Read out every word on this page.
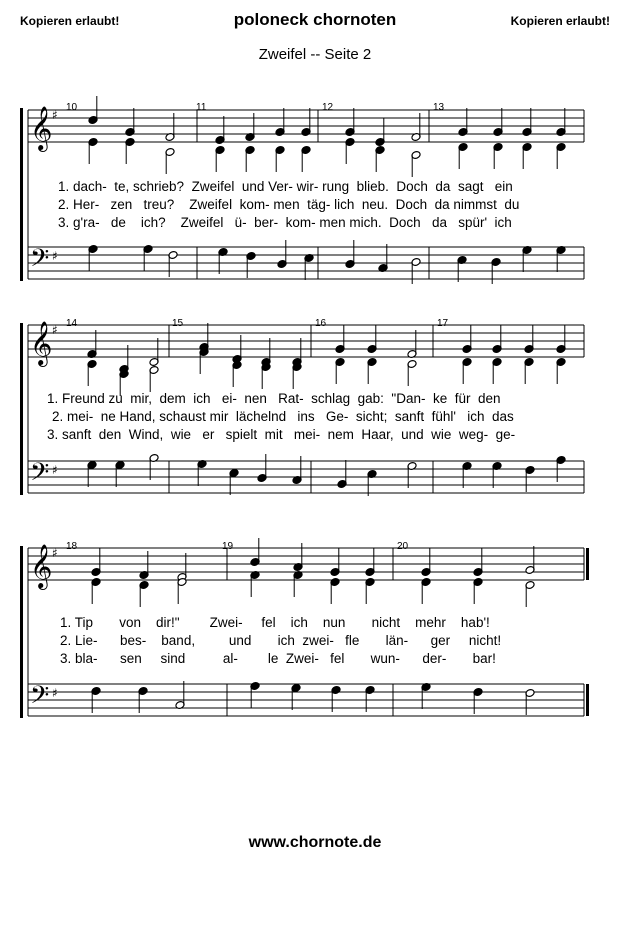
Kopieren erlaubt!	poloneck chornoten	Kopieren erlaubt!
Zweifel -- Seite 2
𝄞
𝄢
♯
♯
𝄞
𝄢
♯
♯
𝄞
𝄢
♯
♯
10	11	12	13
1. dach-  te, schrieb?  Zweifel  und Ver- wir- rung  blieb.  Doch  da  sagt   ein
2. Her-   zen   treu?    Zweifel  kom- men  täg- lich  neu.  Doch  da nimmst  du
3. g'ra-   de    ich?    Zweifel   ü-  ber-  kom- men mich.  Doch   da   spür'  ich
14	15	16	17
1. Freund zu  mir,  dem  ich   ei-  nen   Rat-  schlag  gab:  "Dan-  ke  für  den
2. mei-  ne Hand, schaust mir  lächelnd   ins   Ge-  sicht;  sanft  fühl'   ich  das
3. sanft  den  Wind,  wie   er   spielt  mit   mei-  nem  Haar,  und  wie  weg-  ge-
18	19	20
1. Tip       von    dir!"        Zwei-     fel    ich    nun       nicht    mehr    hab'!
2. Lie-      bes-    band,         und       ich  zwei-   fle       län-      ger     nicht!
3. bla-      sen     sind          al-        le  Zwei-   fel       wun-      der-       bar!
www.chornote.de
